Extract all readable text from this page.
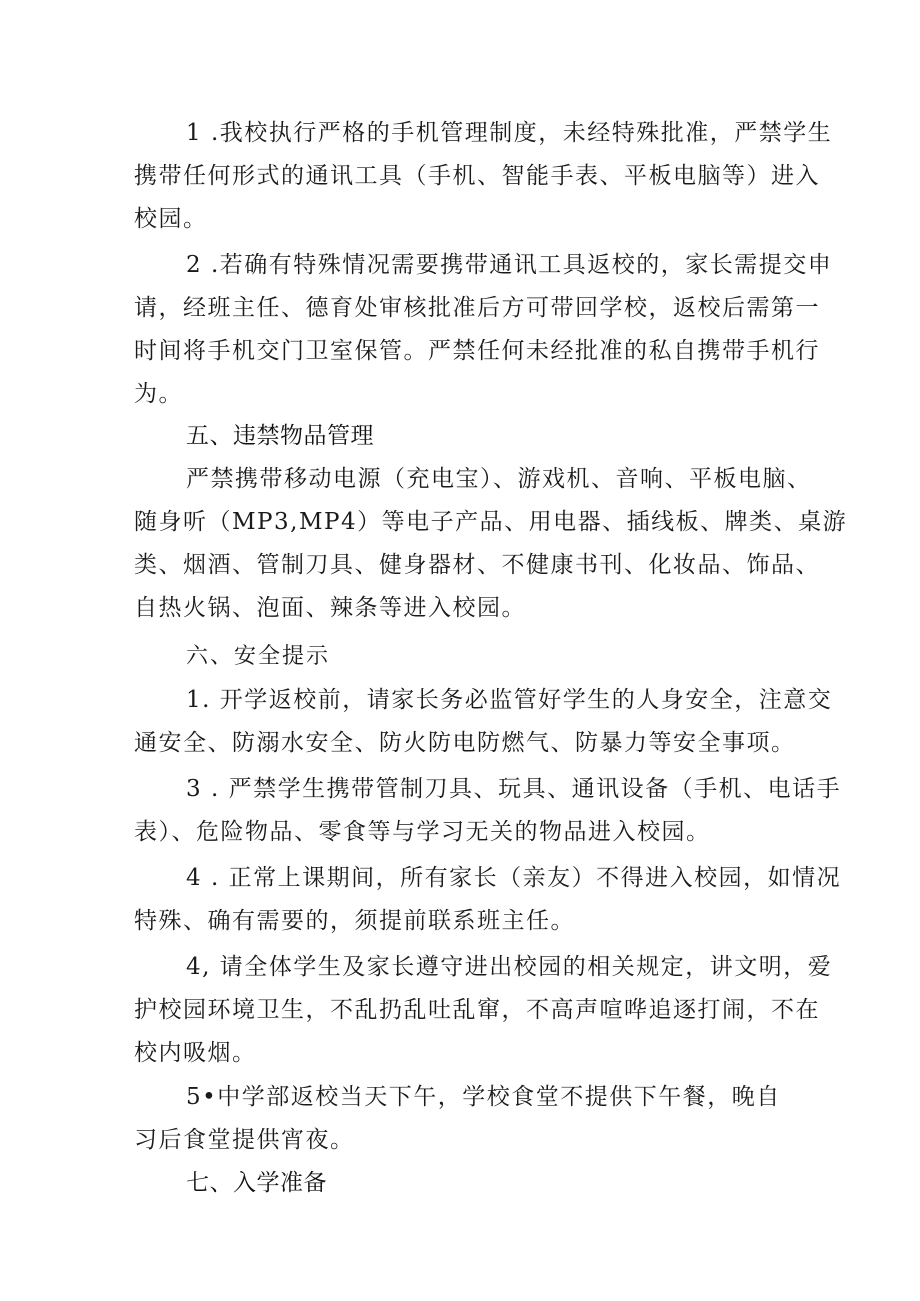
1 .我校执行严格的手机管理制度，未经特殊批准，严禁学生
携带任何形式的通讯工具（手机、智能手表、平板电脑等）进入
校园。
2 .若确有特殊情况需要携带通讯工具返校的，家长需提交申
请，经班主任、德育处审核批准后方可带回学校，返校后需第一
时间将手机交门卫室保管。严禁任何未经批准的私自携带手机行
为。
五、违禁物品管理
严禁携带移动电源（充电宝）、游戏机、音响、平板电脑、
随身听（MP3,MP4）等电子产品、用电器、插线板、牌类、桌游
类、烟酒、管制刀具、健身器材、不健康书刊、化妆品、饰品、
自热火锅、泡面、辣条等进入校园。
六、安全提示
1. 开学返校前，请家长务必监管好学生的人身安全，注意交
通安全、防溺水安全、防火防电防燃气、防暴力等安全事项。
3 . 严禁学生携带管制刀具、玩具、通讯设备（手机、电话手
表）、危险物品、零食等与学习无关的物品进入校园。
4 . 正常上课期间，所有家长（亲友）不得进入校园，如情况
特殊、确有需要的，须提前联系班主任。
4, 请全体学生及家长遵守进出校园的相关规定，讲文明，爱
护校园环境卫生，不乱扔乱吐乱窜，不高声喧哗追逐打闹，不在
校内吸烟。
5•中学部返校当天下午，学校食堂不提供下午餐，晚自
习后食堂提供宵夜。
七、入学准备
